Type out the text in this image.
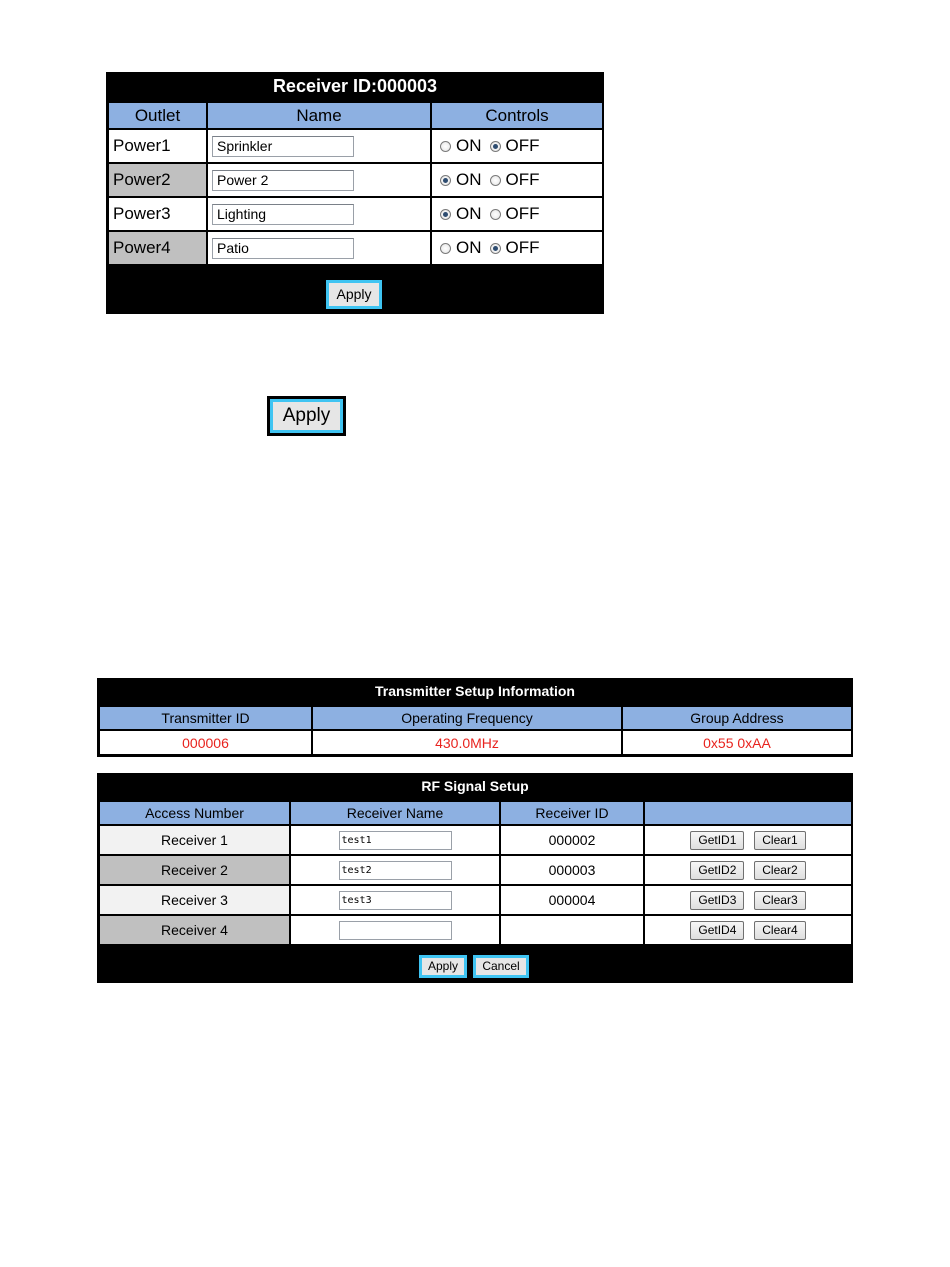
Receiver ID:000003
Outlet	Name	Controls
Power1	Sprinkler	ON OFF

Power2	Power 2	ON OFF

Power3	Lighting	ON OFF

Power4	Patio	ON OFF
Apply
Apply
Transmitter Setup Information
Transmitter ID	Operating Frequency	Group Address
000006	430.0MHz	0x55 0xAA
RF Signal Setup
Access Number	Receiver Name	Receiver ID	
Receiver 1	test1	000002	GetID1 Clear1
Receiver 2	test2	000003	GetID2 Clear2
Receiver 3	test3	000004	GetID3 Clear3
Receiver 4			GetID4 Clear4
Apply	Cancel
